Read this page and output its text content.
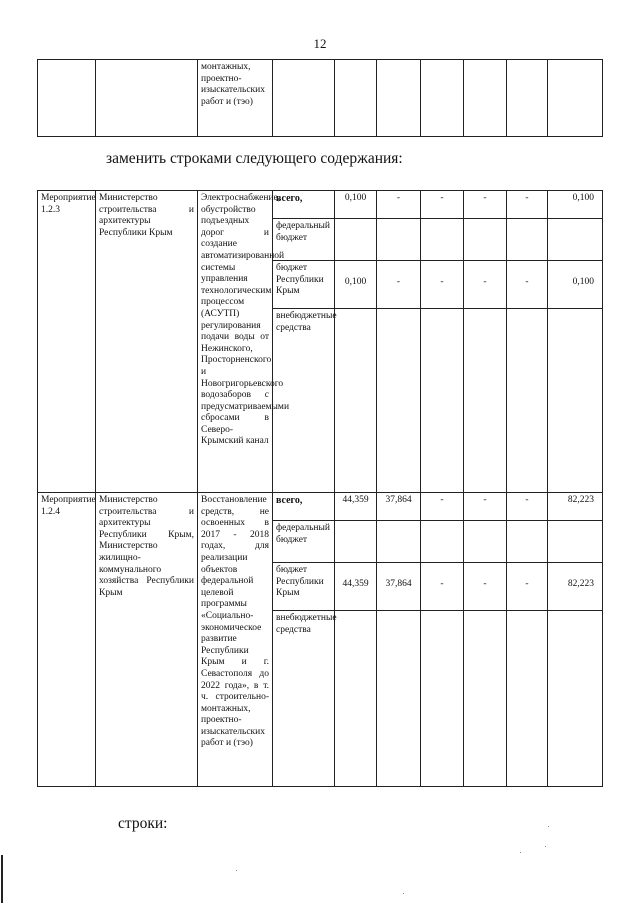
12

монтажных, проектно-изыскательских работ и (тэо)

заменить строками следующего содержания:
Мероприятие 1.2.3	Министерство строительства и архитектуры Республики Крым	Электроснабжение, обустройство подъездных дорог и создание автоматизированной системы управления технологическим процессом (АСУТП) регулирования подачи воды от Нежинского, Просторненского и Новогригорьевского водозаборов с предусматриваемыми сбросами в Северо-Крымский канал	всего,	0,100	-	-	-	-	0,100

			федеральный бюджет						

			бюджет Республики Крым	0,100	-	-	-	-	0,100

			внебюджетные средства						

Мероприятие 1.2.4	Министерство строительства и архитектуры Республики Крым, Министерство жилищно-коммунального хозяйства Республики Крым	Восстановление средств, не освоенных в 2017 - 2018 годах, для реализации объектов федеральной целевой программы «Социально-экономическое развитие Республики Крым и г. Севастополя до 2022 года», в т. ч. строительно-монтажных, проектно-изыскательских работ и (тэо)	всего,	44,359	37,864	-	-	-	82,223

			федеральный бюджет						

			бюджет Республики Крым	44,359	37,864	-	-	-	82,223

			внебюджетные средства						

строки:
